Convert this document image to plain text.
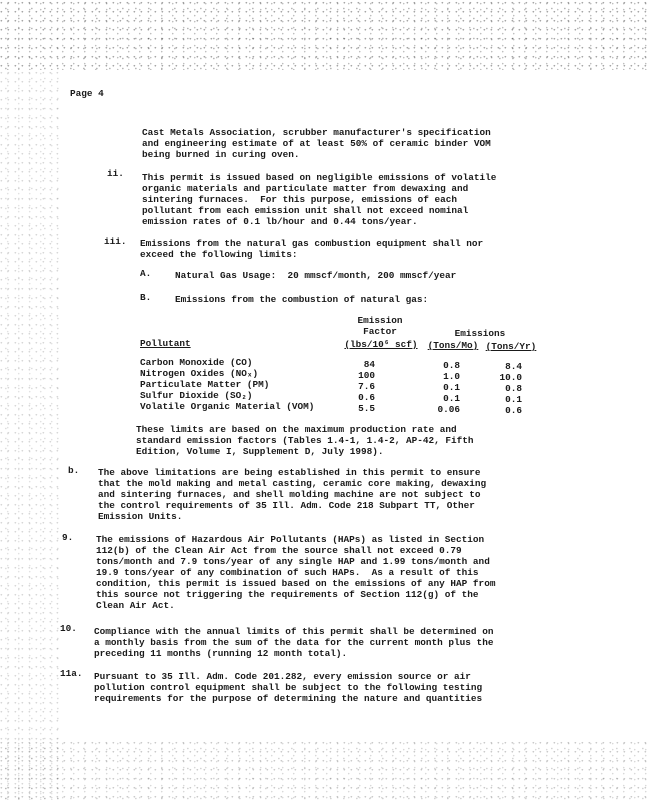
Page 4
Cast Metals Association, scrubber manufacturer's specification
and engineering estimate of at least 50% of ceramic binder VOM
being burned in curing oven.
ii. This permit is issued based on negligible emissions of volatile
organic materials and particulate matter from dewaxing and
sintering furnaces.  For this purpose, emissions of each
pollutant from each emission unit shall not exceed nominal
emission rates of 0.1 lb/hour and 0.44 tons/year.
iii. Emissions from the natural gas combustion equipment shall nor
exceed the following limits:
A.	Natural Gas Usage:  20 mmscf/month, 200 mmscf/year
B.	Emissions from the combustion of natural gas:
Emission
Factor	Emissions
Pollutant	(lbs/10⁶ scf)	(Tons/Mo) (Tons/Yr)
Carbon Monoxide (CO)	84	0.8	8.4
Nitrogen Oxides (NOₓ)	100	1.0	10.0
Particulate Matter (PM)	7.6	0.1	0.8
Sulfur Dioxide (SO₂)	0.6	0.1	0.1
Volatile Organic Material (VOM)	5.5	0.06	0.6
These limits are based on the maximum production rate and
standard emission factors (Tables 1.4-1, 1.4-2, AP-42, Fifth
Edition, Volume I, Supplement D, July 1998).
b. The above limitations are being established in this permit to ensure
that the mold making and metal casting, ceramic core making, dewaxing
and sintering furnaces, and shell molding machine are not subject to
the control requirements of 35 Ill. Adm. Code 218 Subpart TT, Other
Emission Units.
9. The emissions of Hazardous Air Pollutants (HAPs) as listed in Section
112(b) of the Clean Air Act from the source shall not exceed 0.79
tons/month and 7.9 tons/year of any single HAP and 1.99 tons/month and
19.9 tons/year of any combination of such HAPs.  As a result of this
condition, this permit is issued based on the emissions of any HAP from
this source not triggering the requirements of Section 112(g) of the
Clean Air Act.
10. Compliance with the annual limits of this permit shall be determined on
a monthly basis from the sum of the data for the current month plus the
preceding 11 months (running 12 month total).
11a. Pursuant to 35 Ill. Adm. Code 201.282, every emission source or air
pollution control equipment shall be subject to the following testing
requirements for the purpose of determining the nature and quantities
